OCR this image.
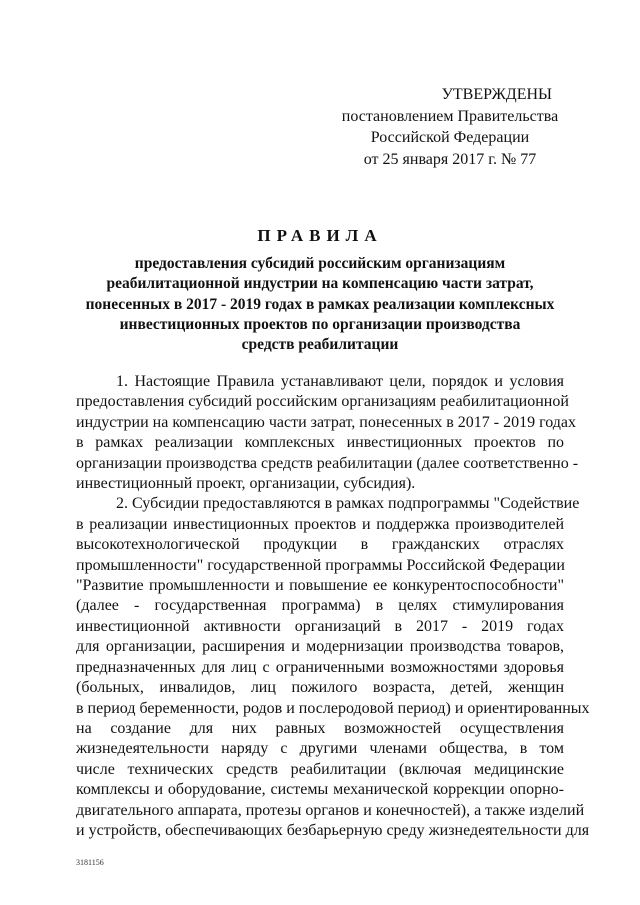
УТВЕРЖДЕНЫ
постановлением Правительства
Российской Федерации
от 25 января 2017 г. № 77
ПРАВИЛА
предоставления субсидий российским организациям
реабилитационной индустрии на компенсацию части затрат,
понесенных в 2017 - 2019 годах в рамках реализации комплексных
инвестиционных проектов по организации производства
средств реабилитации
1. Настоящие Правила устанавливают цели, порядок и условия
предоставления субсидий российским организациям реабилитационной
индустрии на компенсацию части затрат, понесенных в 2017 - 2019 годах
в рамках реализации комплексных инвестиционных проектов по
организации производства средств реабилитации (далее соответственно -
инвестиционный проект, организации, субсидия).
2. Субсидии предоставляются в рамках подпрограммы "Содействие
в реализации инвестиционных проектов и поддержка производителей
высокотехнологической продукции в гражданских отраслях
промышленности" государственной программы Российской Федерации
"Развитие промышленности и повышение ее конкурентоспособности"
(далее - государственная программа) в целях стимулирования
инвестиционной активности организаций в 2017 - 2019 годах
для организации, расширения и модернизации производства товаров,
предназначенных для лиц с ограниченными возможностями здоровья
(больных, инвалидов, лиц пожилого возраста, детей, женщин
в период беременности, родов и послеродовой период) и ориентированных
на создание для них равных возможностей осуществления
жизнедеятельности наряду с другими членами общества, в том
числе технических средств реабилитации (включая медицинские
комплексы и оборудование, системы механической коррекции опорно-
двигательного аппарата, протезы органов и конечностей), а также изделий
и устройств, обеспечивающих безбарьерную среду жизнедеятельности для
3181156
